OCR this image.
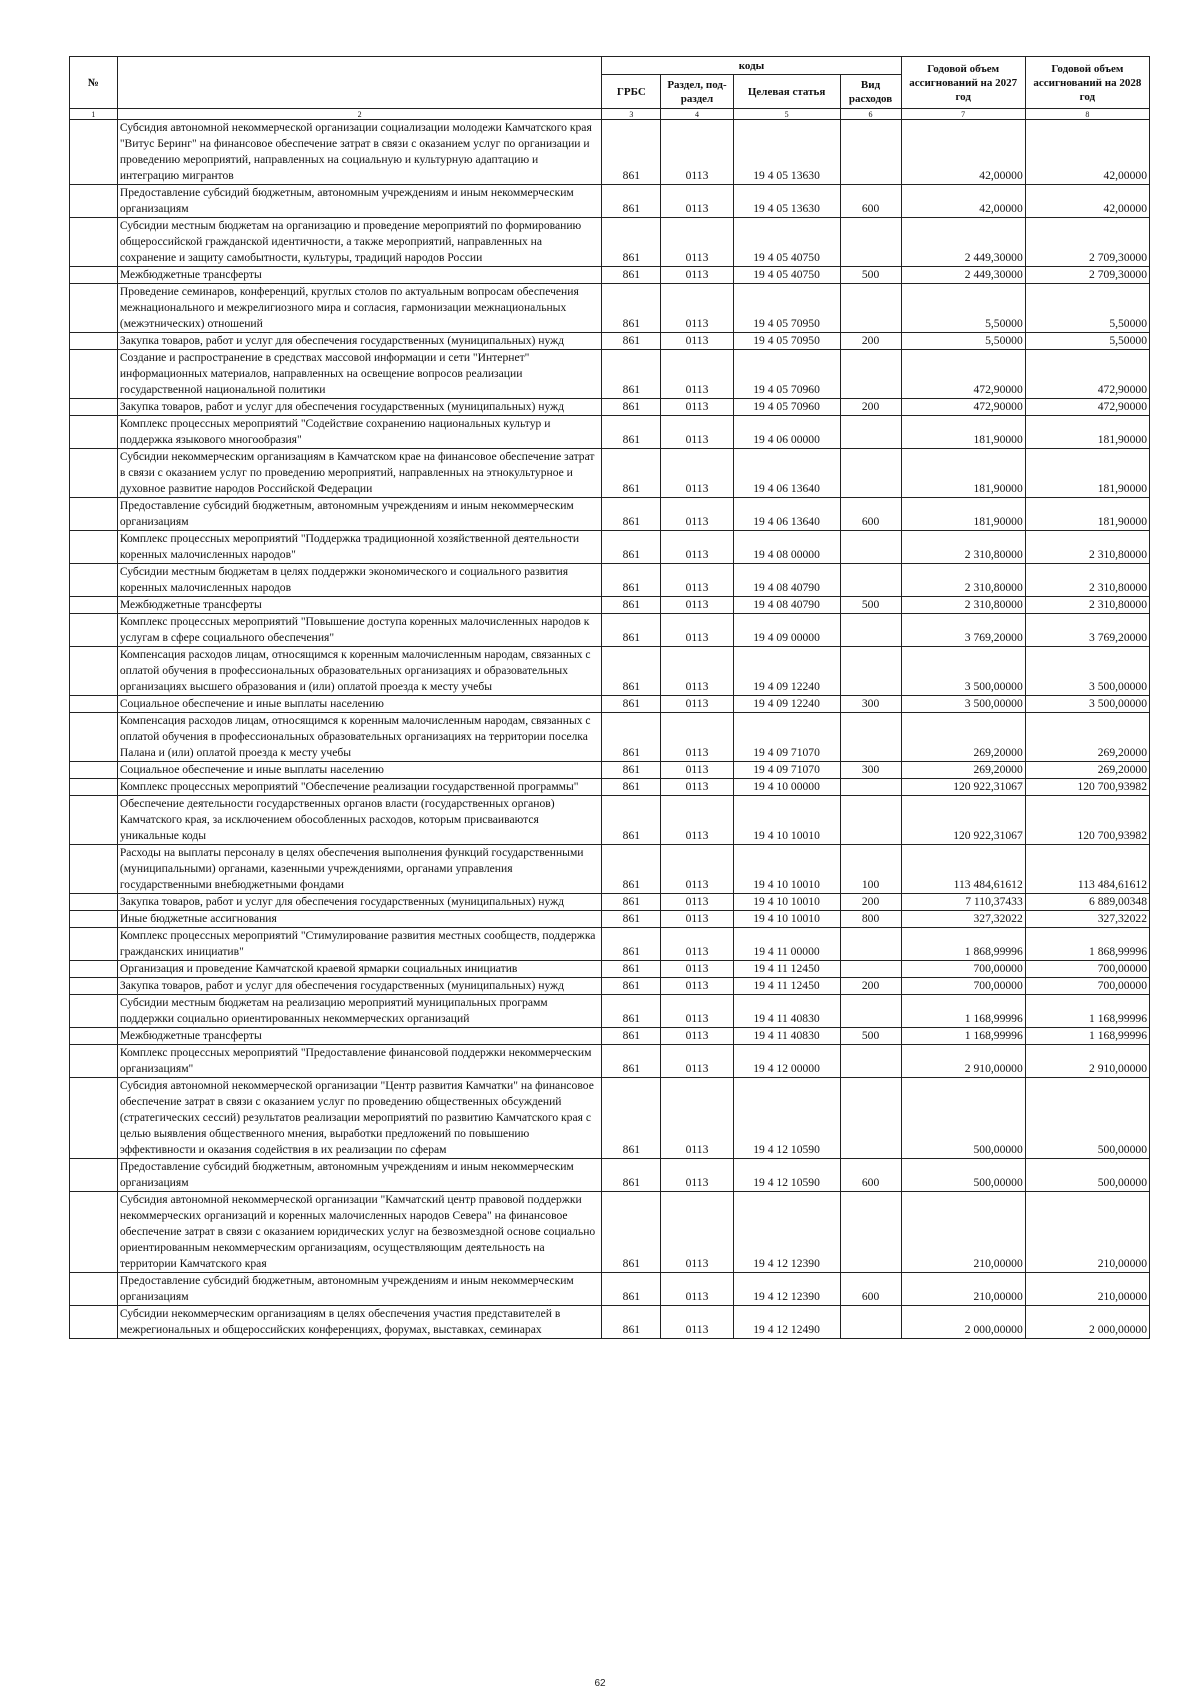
№		коды				Годовой объем ассигнований на 2027 год	Годовой объем ассигнований на 2028 год
		ГРБС	Раздел, под-раздел	Целевая статья	Вид расходов		
1	2	3	4	5	6	7	8
	Субсидия автономной некоммерческой организации социализации молодежи Камчатского края "Витус Беринг" на финансовое обеспечение затрат в связи с оказанием услуг по организации и проведению мероприятий, направленных на социальную и культурную адаптацию и интеграцию мигрантов	861	0113	19 4 05 13630		42,00000	42,00000
	Предоставление субсидий бюджетным, автономным учреждениям и иным некоммерческим организациям	861	0113	19 4 05 13630	600	42,00000	42,00000
	Субсидии местным бюджетам на организацию и проведение мероприятий по формированию общероссийской гражданской идентичности, а также мероприятий, направленных на сохранение и защиту самобытности, культуры, традиций народов России	861	0113	19 4 05 40750		2 449,30000	2 709,30000
	Межбюджетные трансферты	861	0113	19 4 05 40750	500	2 449,30000	2 709,30000
	Проведение семинаров, конференций, круглых столов по актуальным вопросам обеспечения межнационального и межрелигиозного мира и согласия, гармонизации межнациональных (межэтнических) отношений	861	0113	19 4 05 70950		5,50000	5,50000
	Закупка товаров, работ и услуг для обеспечения государственных (муниципальных) нужд	861	0113	19 4 05 70950	200	5,50000	5,50000
	Создание и распространение в средствах массовой информации и сети "Интернет" информационных материалов, направленных на освещение вопросов реализации государственной национальной политики	861	0113	19 4 05 70960		472,90000	472,90000
	Закупка товаров, работ и услуг для обеспечения государственных (муниципальных) нужд	861	0113	19 4 05 70960	200	472,90000	472,90000
	Комплекс процессных мероприятий "Содействие сохранению национальных культур и поддержка языкового многообразия"	861	0113	19 4 06 00000		181,90000	181,90000
	Субсидии некоммерческим организациям в Камчатском крае на финансовое обеспечение затрат в связи с оказанием услуг по проведению мероприятий, направленных на этнокультурное и духовное развитие народов Российской Федерации	861	0113	19 4 06 13640		181,90000	181,90000
	Предоставление субсидий бюджетным, автономным учреждениям и иным некоммерческим организациям	861	0113	19 4 06 13640	600	181,90000	181,90000
	Комплекс процессных мероприятий "Поддержка традиционной хозяйственной деятельности коренных малочисленных народов"	861	0113	19 4 08 00000		2 310,80000	2 310,80000
	Субсидии местным бюджетам в целях поддержки экономического и социального развития коренных малочисленных народов	861	0113	19 4 08 40790		2 310,80000	2 310,80000
	Межбюджетные трансферты	861	0113	19 4 08 40790	500	2 310,80000	2 310,80000
	Комплекс процессных мероприятий "Повышение доступа коренных малочисленных народов к услугам в сфере социального обеспечения"	861	0113	19 4 09 00000		3 769,20000	3 769,20000
	Компенсация расходов лицам, относящимся к коренным малочисленным народам, связанных с оплатой обучения в профессиональных образовательных организациях и образовательных организациях высшего образования и (или) оплатой проезда к месту учебы	861	0113	19 4 09 12240		3 500,00000	3 500,00000
	Социальное обеспечение и иные выплаты населению	861	0113	19 4 09 12240	300	3 500,00000	3 500,00000
	Компенсация расходов лицам, относящимся к коренным малочисленным народам, связанных с оплатой обучения в профессиональных образовательных организациях на территории поселка Палана и (или) оплатой проезда к месту учебы	861	0113	19 4 09 71070		269,20000	269,20000
	Социальное обеспечение и иные выплаты населению	861	0113	19 4 09 71070	300	269,20000	269,20000
	Комплекс процессных мероприятий "Обеспечение реализации государственной программы"	861	0113	19 4 10 00000		120 922,31067	120 700,93982
	Обеспечение деятельности государственных органов власти (государственных органов) Камчатского края, за исключением обособленных расходов, которым присваиваются уникальные коды	861	0113	19 4 10 10010		120 922,31067	120 700,93982
	Расходы на выплаты персоналу в целях обеспечения выполнения функций государственными (муниципальными) органами, казенными учреждениями, органами управления государственными внебюджетными фондами	861	0113	19 4 10 10010	100	113 484,61612	113 484,61612
	Закупка товаров, работ и услуг для обеспечения государственных (муниципальных) нужд	861	0113	19 4 10 10010	200	7 110,37433	6 889,00348
	Иные бюджетные ассигнования	861	0113	19 4 10 10010	800	327,32022	327,32022
	Комплекс процессных мероприятий "Стимулирование развития местных сообществ, поддержка гражданских инициатив"	861	0113	19 4 11 00000		1 868,99996	1 868,99996
	Организация и проведение Камчатской краевой ярмарки социальных инициатив	861	0113	19 4 11 12450		700,00000	700,00000
	Закупка товаров, работ и услуг для обеспечения государственных (муниципальных) нужд	861	0113	19 4 11 12450	200	700,00000	700,00000
	Субсидии местным бюджетам на реализацию мероприятий муниципальных программ поддержки социально ориентированных некоммерческих организаций	861	0113	19 4 11 40830		1 168,99996	1 168,99996
	Межбюджетные трансферты	861	0113	19 4 11 40830	500	1 168,99996	1 168,99996
	Комплекс процессных мероприятий "Предоставление финансовой поддержки некоммерческим организациям"	861	0113	19 4 12 00000		2 910,00000	2 910,00000
	Субсидия автономной некоммерческой организации "Центр развития Камчатки" на финансовое обеспечение затрат в связи с оказанием услуг по проведению общественных обсуждений (стратегических сессий) результатов реализации мероприятий по развитию Камчатского края с целью выявления общественного мнения, выработки предложений по повышению эффективности и оказания содействия в их реализации по сферам	861	0113	19 4 12 10590		500,00000	500,00000
	Предоставление субсидий бюджетным, автономным учреждениям и иным некоммерческим организациям	861	0113	19 4 12 10590	600	500,00000	500,00000
	Субсидия автономной некоммерческой организации "Камчатский центр правовой поддержки некоммерческих организаций и коренных малочисленных народов Севера" на финансовое обеспечение затрат в связи с оказанием юридических услуг на безвозмездной основе социально ориентированным некоммерческим организациям, осуществляющим деятельность на территории Камчатского края	861	0113	19 4 12 12390		210,00000	210,00000
	Предоставление субсидий бюджетным, автономным учреждениям и иным некоммерческим организациям	861	0113	19 4 12 12390	600	210,00000	210,00000
	Субсидии некоммерческим организациям в целях обеспечения участия представителей в межрегиональных и общероссийских конференциях, форумах, выставках, семинарах	861	0113	19 4 12 12490		2 000,00000	2 000,00000
62
